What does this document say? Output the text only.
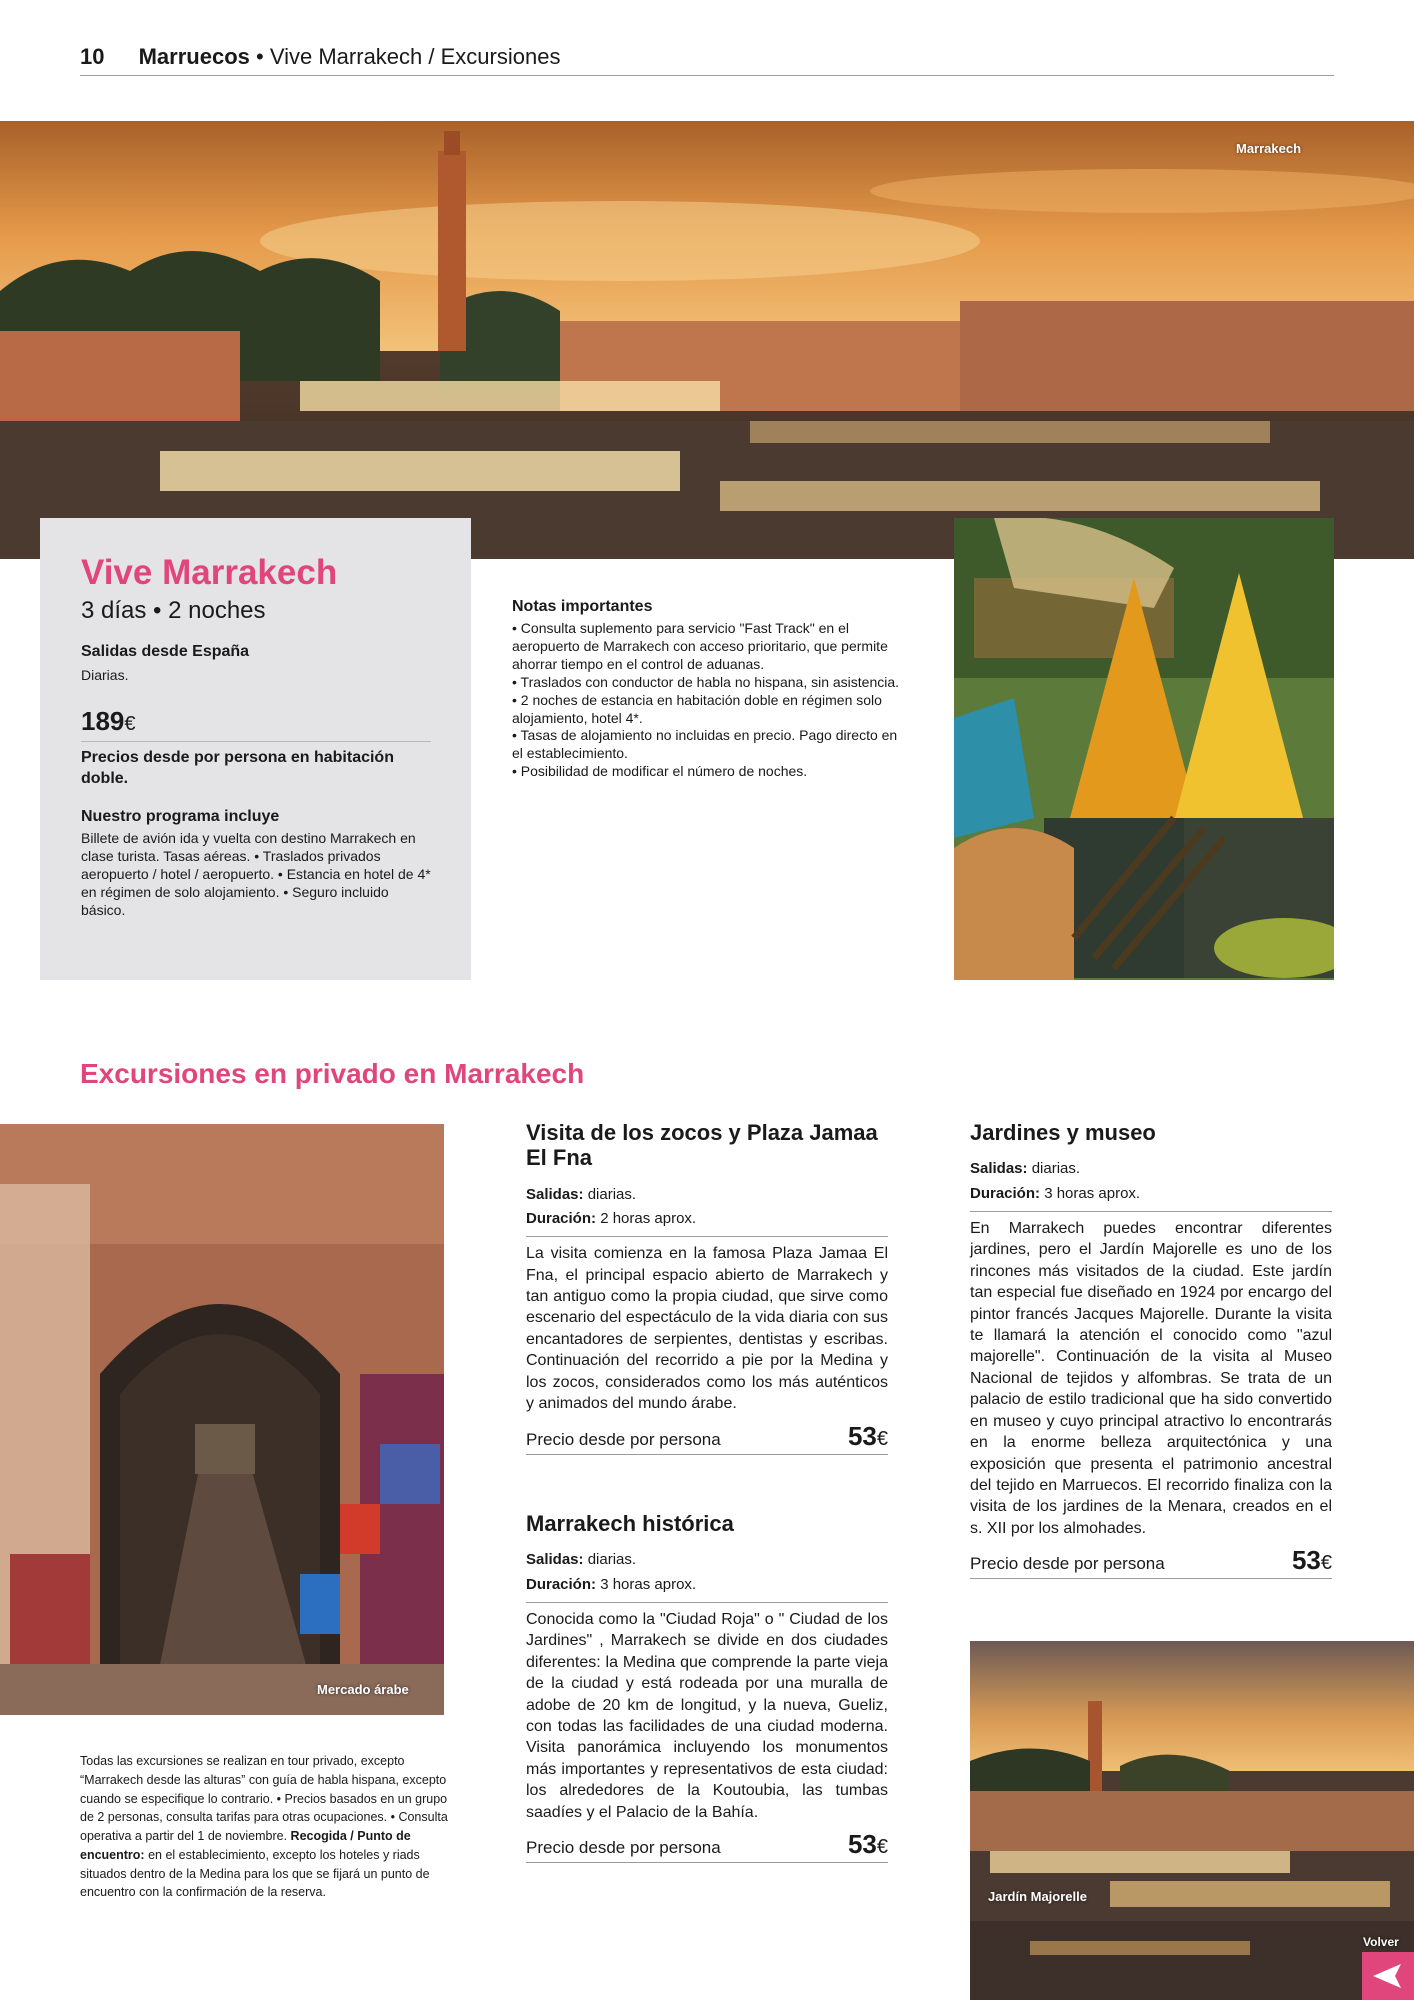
10 Marruecos • Vive Marrakech / Excursiones
Marrakech
Vive Marrakech
3 días • 2 noches
Salidas desde España
Diarias.
189€
Precios desde por persona en habitación doble.
Nuestro programa incluye
Billete de avión ida y vuelta con destino Marrakech en clase turista. Tasas aéreas. • Traslados privados aeropuerto / hotel / aeropuerto. • Estancia en hotel de 4* en régimen de solo alojamiento. • Seguro incluido básico.
Notas importantes
• Consulta suplemento para servicio "Fast Track" en el aeropuerto de Marrakech con acceso prioritario, que permite ahorrar tiempo en el control de aduanas.
• Traslados con conductor de habla no hispana, sin asistencia.
• 2 noches de estancia en habitación doble en régimen solo alojamiento, hotel 4*.
• Tasas de alojamiento no incluidas en precio. Pago directo en el establecimiento.
• Posibilidad de modificar el número de noches.
Excursiones en privado en Marrakech
Mercado árabe
Visita de los zocos y Plaza Jamaa El Fna
Salidas: diarias.
Duración: 2 horas aprox.
La visita comienza en la famosa Plaza Jamaa El Fna, el principal espacio abierto de Marrakech y tan antiguo como la propia ciudad, que sirve como escenario del espectáculo de la vida diaria con sus encantadores de serpientes, dentistas y escribas. Continuación del recorrido a pie por la Medina y los zocos, considerados como los más auténticos y animados del mundo árabe.
Precio desde por persona	53€
Marrakech histórica
Salidas: diarias.
Duración: 3 horas aprox.
Conocida como la "Ciudad Roja" o " Ciudad de los Jardines" , Marrakech se divide en dos ciudades diferentes: la Medina que comprende la parte vieja de la ciudad y está rodeada por una muralla de adobe de 20 km de longitud, y la nueva, Gueliz, con todas las facilidades de una ciudad moderna. Visita panorámica incluyendo los monumentos más importantes y representativos de esta ciudad: los alrededores de la Koutoubia, las tumbas saadíes y el Palacio de la Bahía.
Precio desde por persona	53€
Jardines y museo
Salidas: diarias.
Duración: 3 horas aprox.
En Marrakech puedes encontrar diferentes jardines, pero el Jardín Majorelle es uno de los rincones más visitados de la ciudad. Este jardín tan especial fue diseñado en 1924 por encargo del pintor francés Jacques Majorelle. Durante la visita te llamará la atención el conocido como "azul majorelle". Continuación de la visita al Museo Nacional de tejidos y alfombras. Se trata de un palacio de estilo tradicional que ha sido convertido en museo y cuyo principal atractivo lo encontrarás en la enorme belleza arquitectónica y una exposición que presenta el patrimonio ancestral del tejido en Marruecos. El recorrido finaliza con la visita de los jardines de la Menara, creados en el s. XII por los almohades.
Precio desde por persona	53€
Todas las excursiones se realizan en tour privado, excepto “Marrakech desde las alturas” con guía de habla hispana, excepto cuando se especifique lo contrario. • Precios basados en un grupo de 2 personas, consulta tarifas para otras ocupaciones. • Consulta operativa a partir del 1 de noviembre. Recogida / Punto de encuentro: en el establecimiento, excepto los hoteles y riads situados dentro de la Medina para los que se fijará un punto de encuentro con la confirmación de la reserva.	Jardín Majorelle
Volver
